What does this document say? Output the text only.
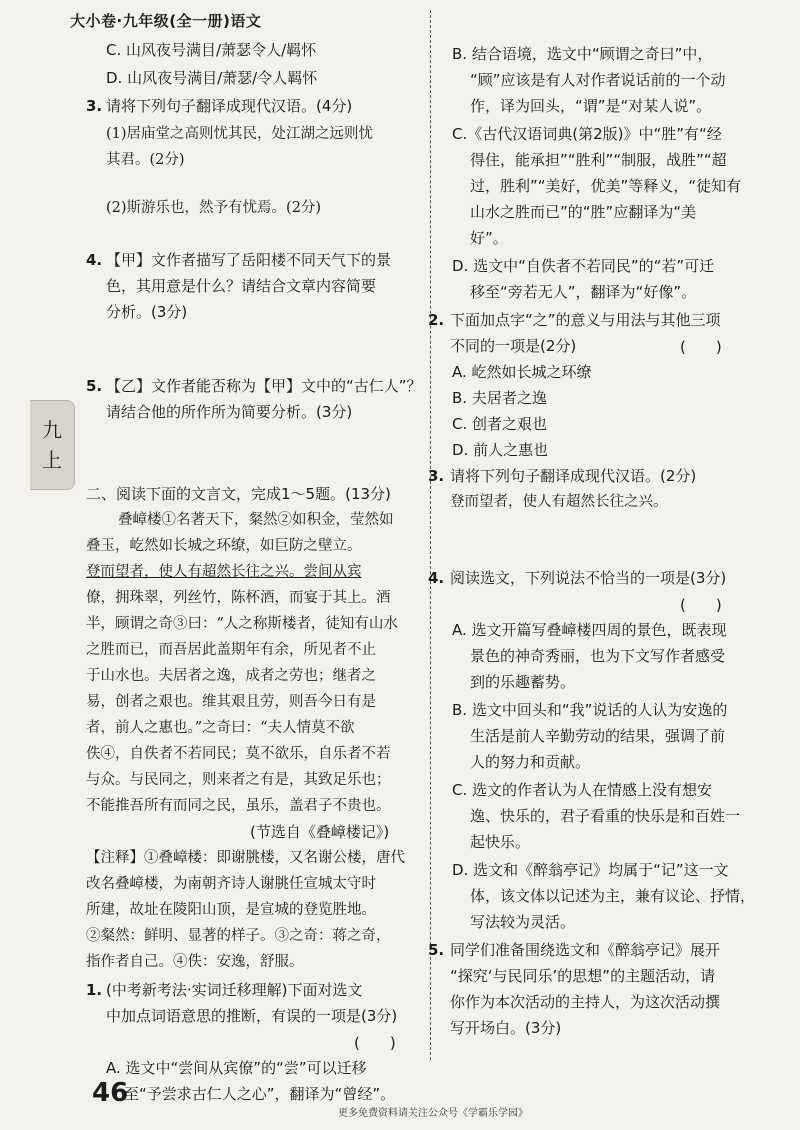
大小卷·九年级(全一册)语文
九
上
C. 山风夜号满目/萧瑟令人/羁怀
D. 山风夜号满目/萧瑟/令人羁怀
3. 请将下列句子翻译成现代汉语。(4分)
(1)居庙堂之高则忧其民，处江湖之远则忧
其君。(2分)
(2)斯游乐也，然予有忧焉。(2分)
4. 【甲】文作者描写了岳阳楼不同天气下的景
色，其用意是什么？请结合文章内容简要
分析。(3分)
5. 【乙】文作者能否称为【甲】文中的“古仁人”？
请结合他的所作所为简要分析。(3分)
二、阅读下面的文言文，完成1～5题。(13分)
叠嶂楼①名著天下，粲然②如积金，莹然如
叠玉，屹然如长城之环缭，如巨防之壁立。
登而望者，使人有超然长往之兴。尝间从宾
僚，拥珠翠，列丝竹，陈杯酒，而宴于其上。酒
半，顾谓之奇③曰：“人之称斯楼者，徒知有山水
之胜而已，而吾居此盖期年有余，所见者不止
于山水也。夫居者之逸，成者之劳也；继者之
易，创者之艰也。维其艰且劳，则吾今日有是
者，前人之惠也。”之奇曰：“夫人情莫不欲
佚④，自佚者不若同民；莫不欲乐，自乐者不若
与众。与民同之，则来者之有是，其致足乐也；
不能推吾所有而同之民，虽乐，盖君子不贵也。
(节选自《叠嶂楼记》)
【注释】①叠嶂楼：即谢朓楼，又名谢公楼，唐代
改名叠嶂楼，为南朝齐诗人谢朓任宣城太守时
所建，故址在陵阳山顶，是宣城的登览胜地。
②粲然：鲜明、显著的样子。③之奇：蒋之奇，
指作者自己。④佚：安逸，舒服。
1. (中考新考法·实词迁移理解)下面对选文
中加点词语意思的推断，有误的一项是(3分)
(　　)
A. 选文中“尝间从宾僚”的“尝”可以迁移
至“予尝求古仁人之心”，翻译为“曾经”。
B. 结合语境，选文中“顾谓之奇曰”中，
“顾”应该是有人对作者说话前的一个动
作，译为回头，“谓”是“对某人说”。
C.《古代汉语词典(第2版)》中“胜”有“经
得住，能承担”“胜利”“制服，战胜”“超
过，胜利”“美好，优美”等释义，“徒知有
山水之胜而已”的“胜”应翻译为“美
好”。
D. 选文中“自佚者不若同民”的“若”可迁
移至“旁若无人”，翻译为“好像”。
2. 下面加点字“之”的意义与用法与其他三项
不同的一项是(2分)	(　　)
A. 屹然如长城之环缭
B. 夫居者之逸
C. 创者之艰也
D. 前人之惠也
3. 请将下列句子翻译成现代汉语。(2分)
登而望者，使人有超然长往之兴。
4. 阅读选文，下列说法不恰当的一项是(3分)
(　　)
A. 选文开篇写叠嶂楼四周的景色，既表现
景色的神奇秀丽，也为下文写作者感受
到的乐趣蓄势。
B. 选文中回头和“我”说话的人认为安逸的
生活是前人辛勤劳动的结果，强调了前
人的努力和贡献。
C. 选文的作者认为人在情感上没有想安
逸、快乐的，君子看重的快乐是和百姓一
起快乐。
D. 选文和《醉翁亭记》均属于“记”这一文
体，该文体以记述为主，兼有议论、抒情，
写法较为灵活。
5. 同学们准备围绕选文和《醉翁亭记》展开
“探究‘与民同乐’的思想”的主题活动，请
你作为本次活动的主持人，为这次活动撰
写开场白。(3分)
46
更多免费资料请关注公众号《学霸乐学园》
